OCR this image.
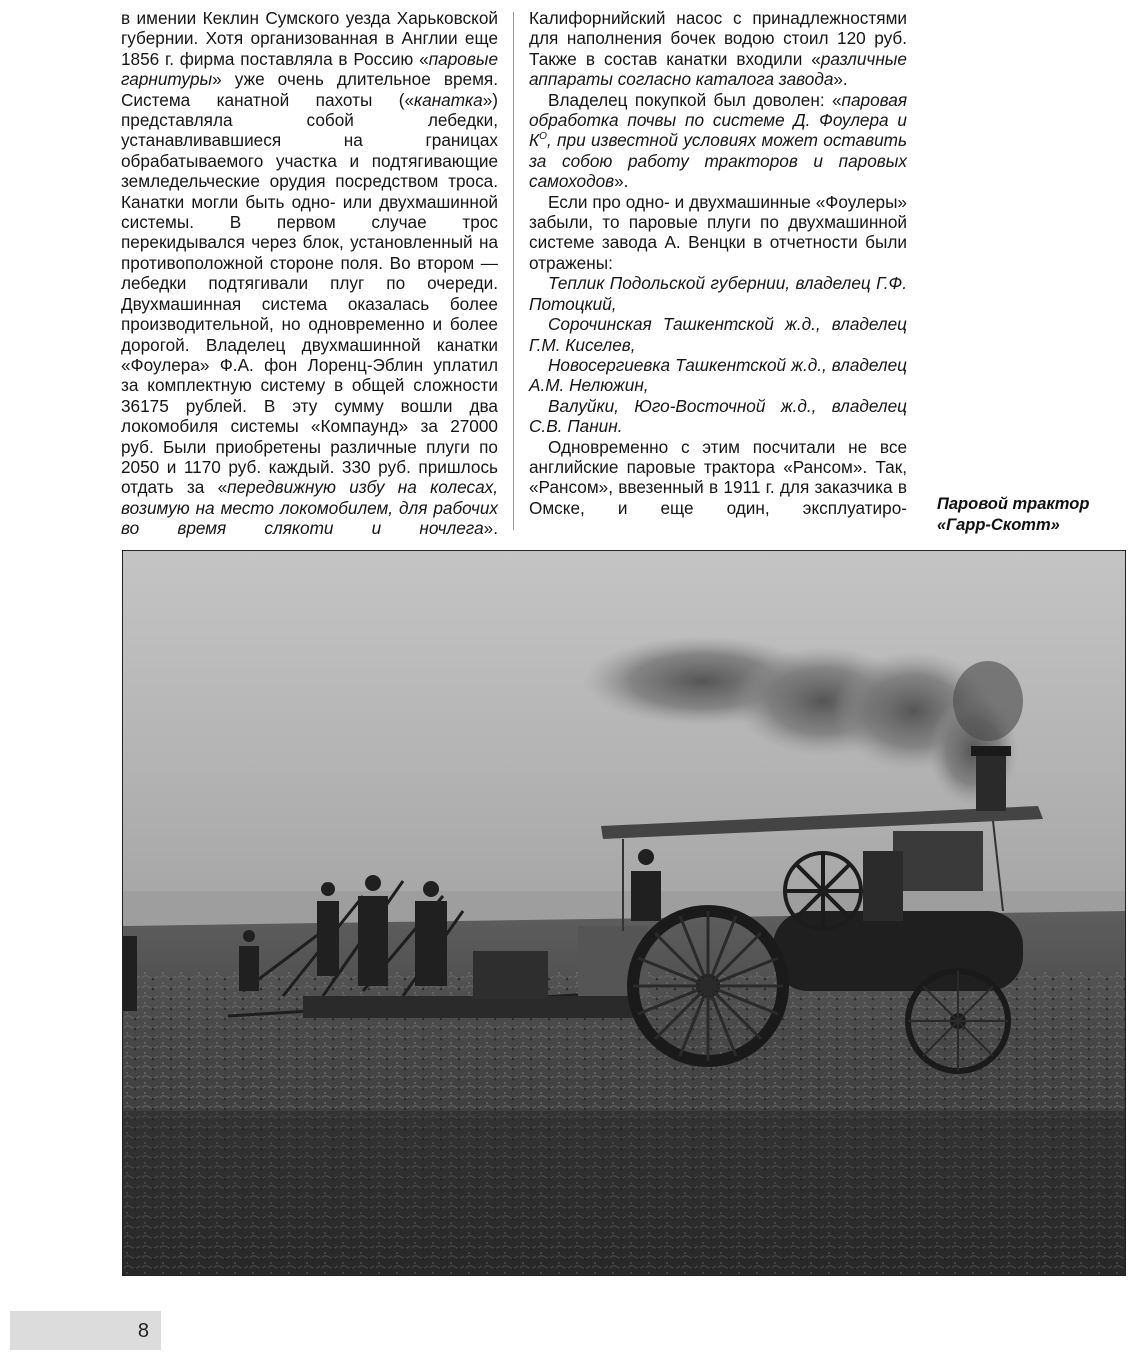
в имении Кеклин Сумского уезда Харьковской губернии. Хотя организованная в Англии еще 1856 г. фирма поставляла в Россию «паровые гарнитуры» уже очень длительное время. Система канатной пахоты («канатка») представляла собой лебедки, устанавливавшиеся на границах обрабатываемого участка и подтягивающие земледельческие орудия посредством троса. Канатки могли быть одно- или двухмашинной системы. В первом случае трос перекидывался через блок, установленный на противоположной стороне поля. Во втором — лебедки подтягивали плуг по очереди. Двухмашинная система оказалась более производительной, но одновременно и более дорогой. Владелец двухмашинной канатки «Фоулера» Ф.А. фон Лоренц-Эблин уплатил за комплектную систему в общей сложности 36175 рублей. В эту сумму вошли два локомобиля системы «Компаунд» за 27000 руб. Были приобретены различные плуги по 2050 и 1170 руб. каждый. 330 руб. пришлось отдать за «передвижную избу на колесах, возимую на место локомобилем, для рабочих во время слякоти и ночлега».

Калифорнийский насос с принадлежностями для наполнения бочек водою стоил 120 руб. Также в состав канатки входили «различные аппараты согласно каталога завода».

Владелец покупкой был доволен: «паровая обработка почвы по системе Д. Фоулера и $К^О$, при известной условиях может оставить за собою работу тракторов и паровых самоходов».

Если про одно- и двухмашинные «Фоулеры» забыли, то паровые плуги по двухмашинной системе завода А. Венцки в отчетности были отражены:

Теплик Подольской губернии, владелец Г.Ф. Потоцкий,

Сорочинская Ташкентской ж.д., владелец Г.М. Киселев,

Новосергиевка Ташкентской ж.д., владелец А.М. Нелюжин,

Валуйки, Юго-Восточной ж.д., владелец С.В. Панин.

Одновременно с этим посчитали не все английские паровые трактора «Рансом». Так, «Рансом», ввезенный в 1911 г. для заказчика в Омске, и еще один, эксплуатиро- Паровой трактор
«Гарр-Скотт»
8
